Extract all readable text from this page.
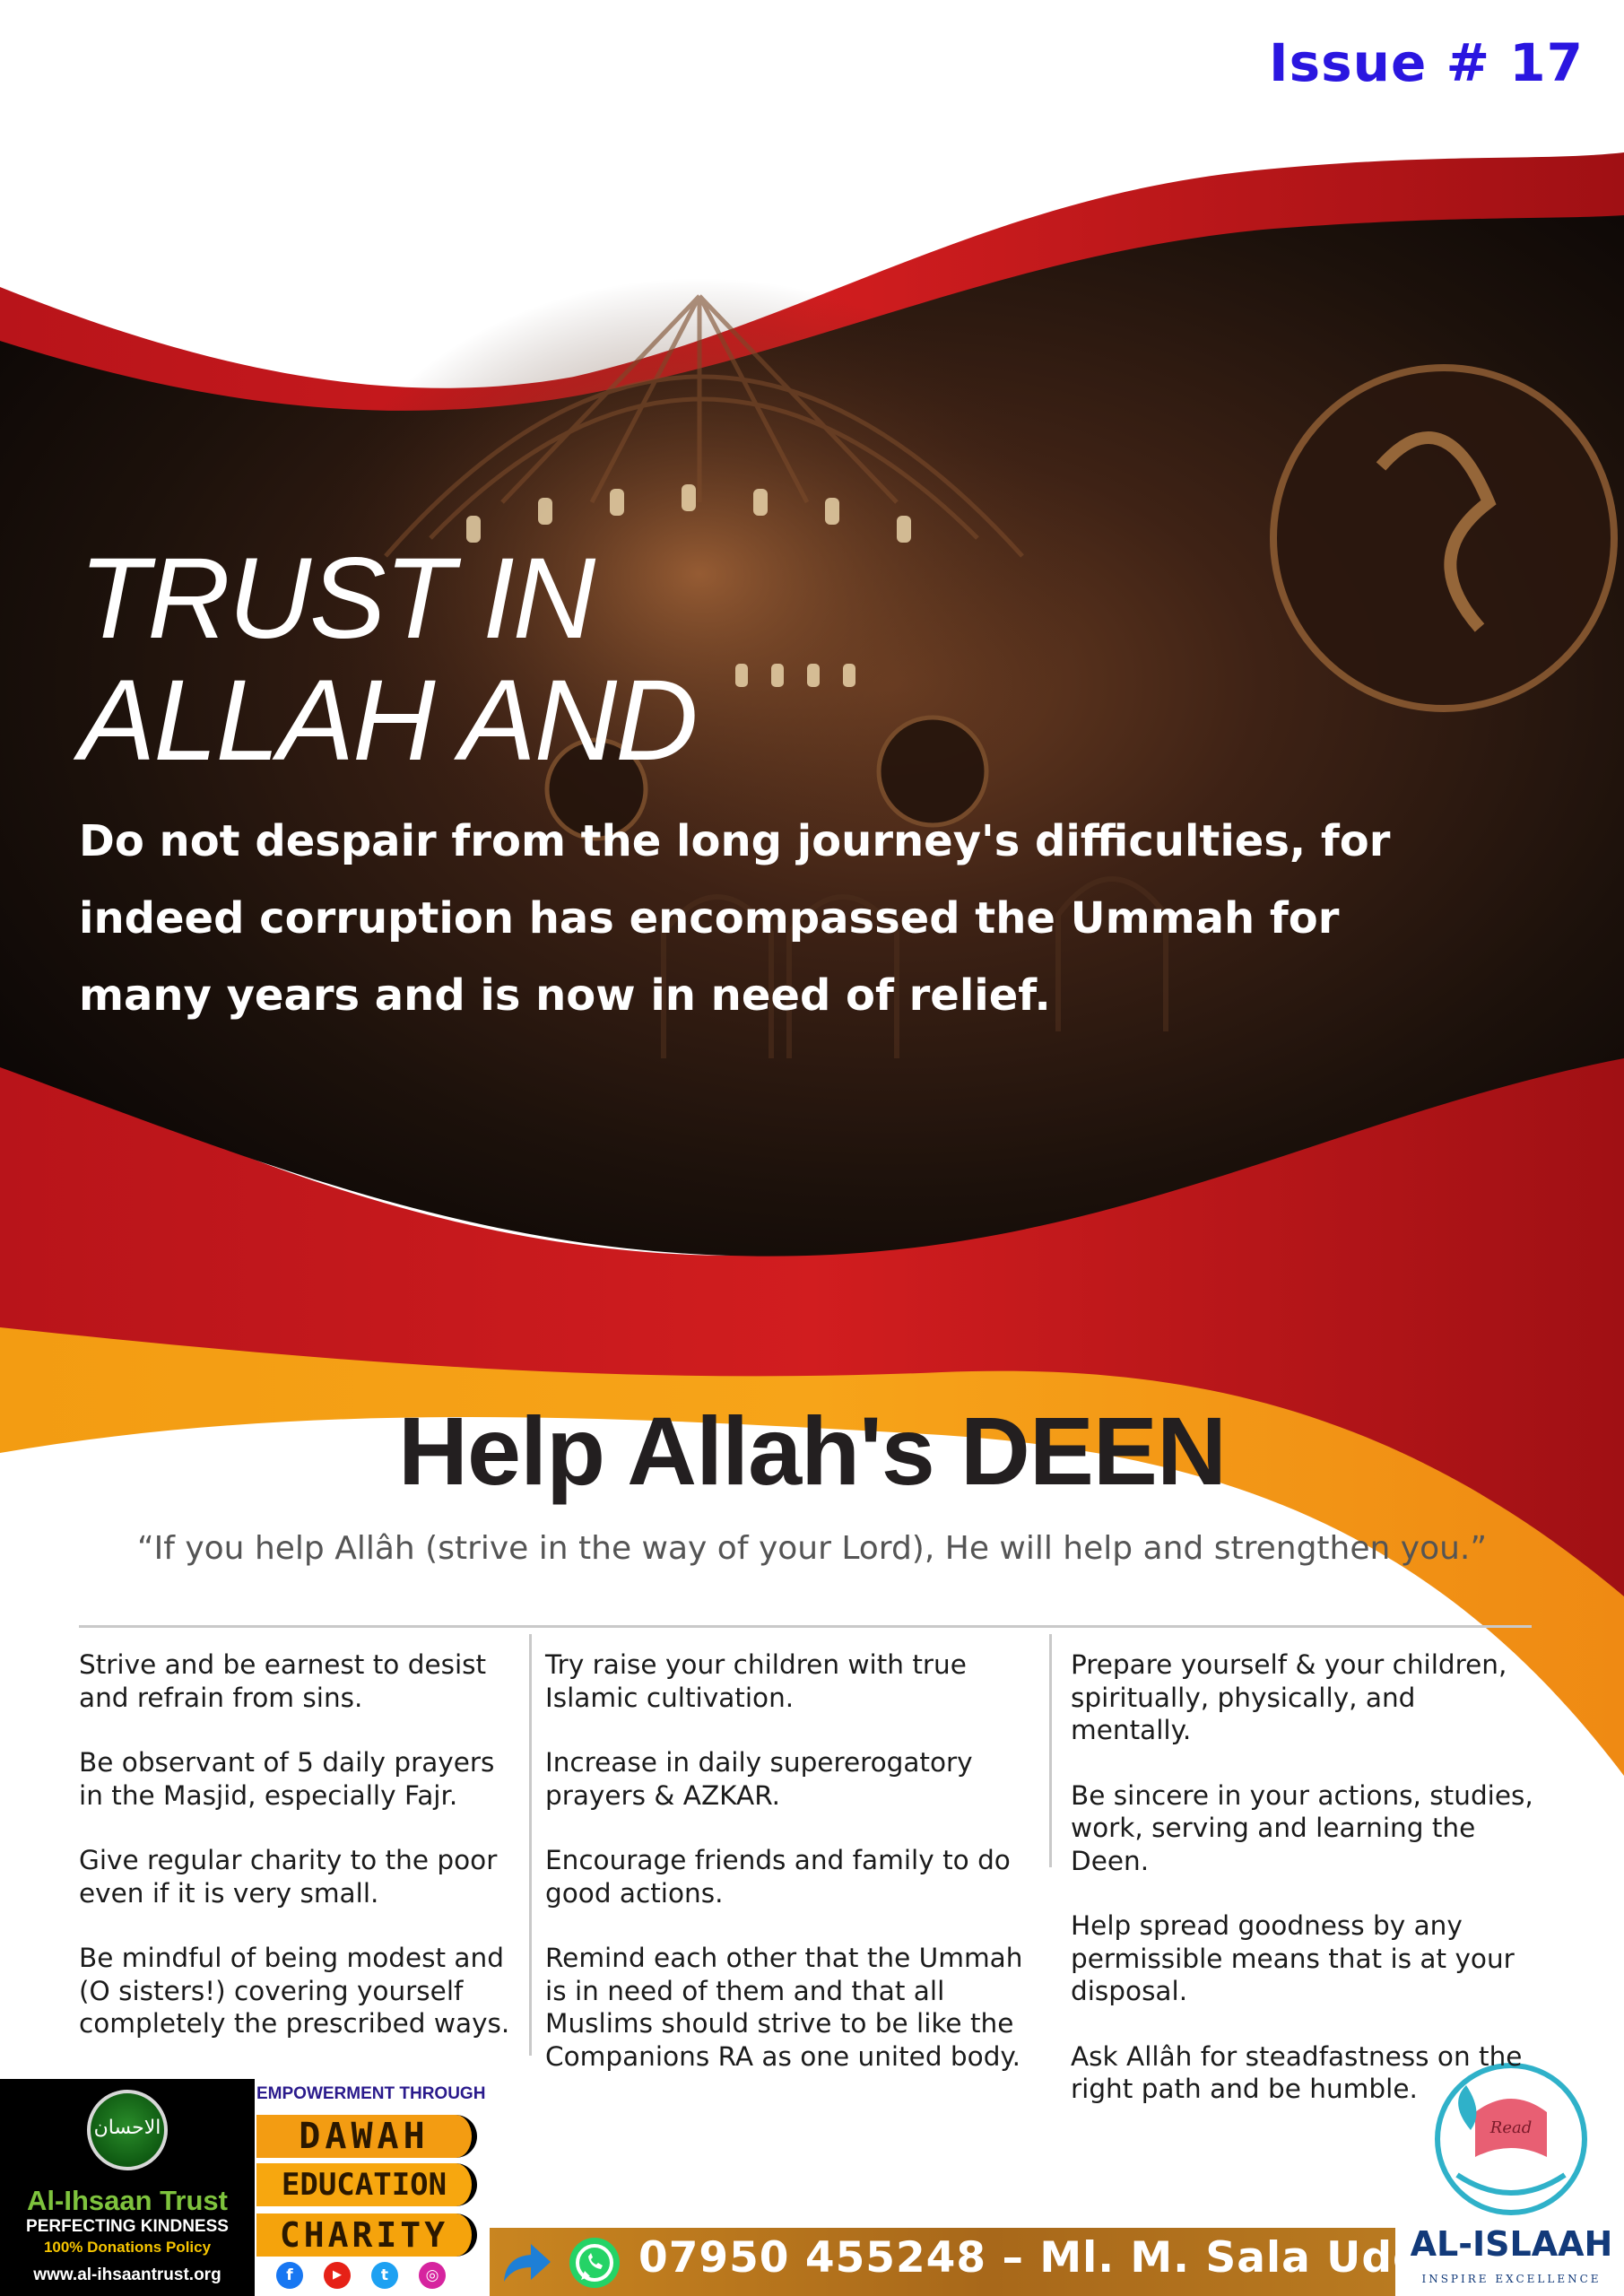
Issue # 17
TRUST IN
ALLAH AND
Do not despair from the long journey's difficulties, for indeed corruption has encompassed the Ummah for many years and is now in need of relief.
Help Allah's DEEN
“If you help Allâh (strive in the way of your Lord), He will help and strengthen you.”

Strive and be earnest to desist and refrain from sins.

Be observant of 5 daily prayers in the Masjid, especially Fajr.

Give regular charity to the poor even if it is very small.

Be mindful of being modest and (O sisters!) covering yourself completely the prescribed ways.

Try raise your children with true Islamic cultivation.

Increase in daily supererogatory prayers & AZKAR.

Encourage friends and family to do good actions.

Remind each other that the Ummah is in need of them and that all Muslims should strive to be like the Companions RA as one united body.

Prepare yourself & your children, spiritually, physically, and mentally.

Be sincere in your actions, studies, work, serving and learning the Deen.

Help spread goodness by any permissible means that is at your disposal.

Ask Allâh for steadfastness on the right path and be humble.

الاحسان
Al-Ihsaan Trust
PERFECTING KINDNESS
100% Donations Policy
www.al-ihsaantrust.org
EMPOWERMENT THROUGH
DAWAH
EDUCATION
CHARITY
f	▶	t	◎	07950 455248 – Ml. M. Sala Uddin
Read
AL-ISLAAH
INSPIRE EXCELLENCE
